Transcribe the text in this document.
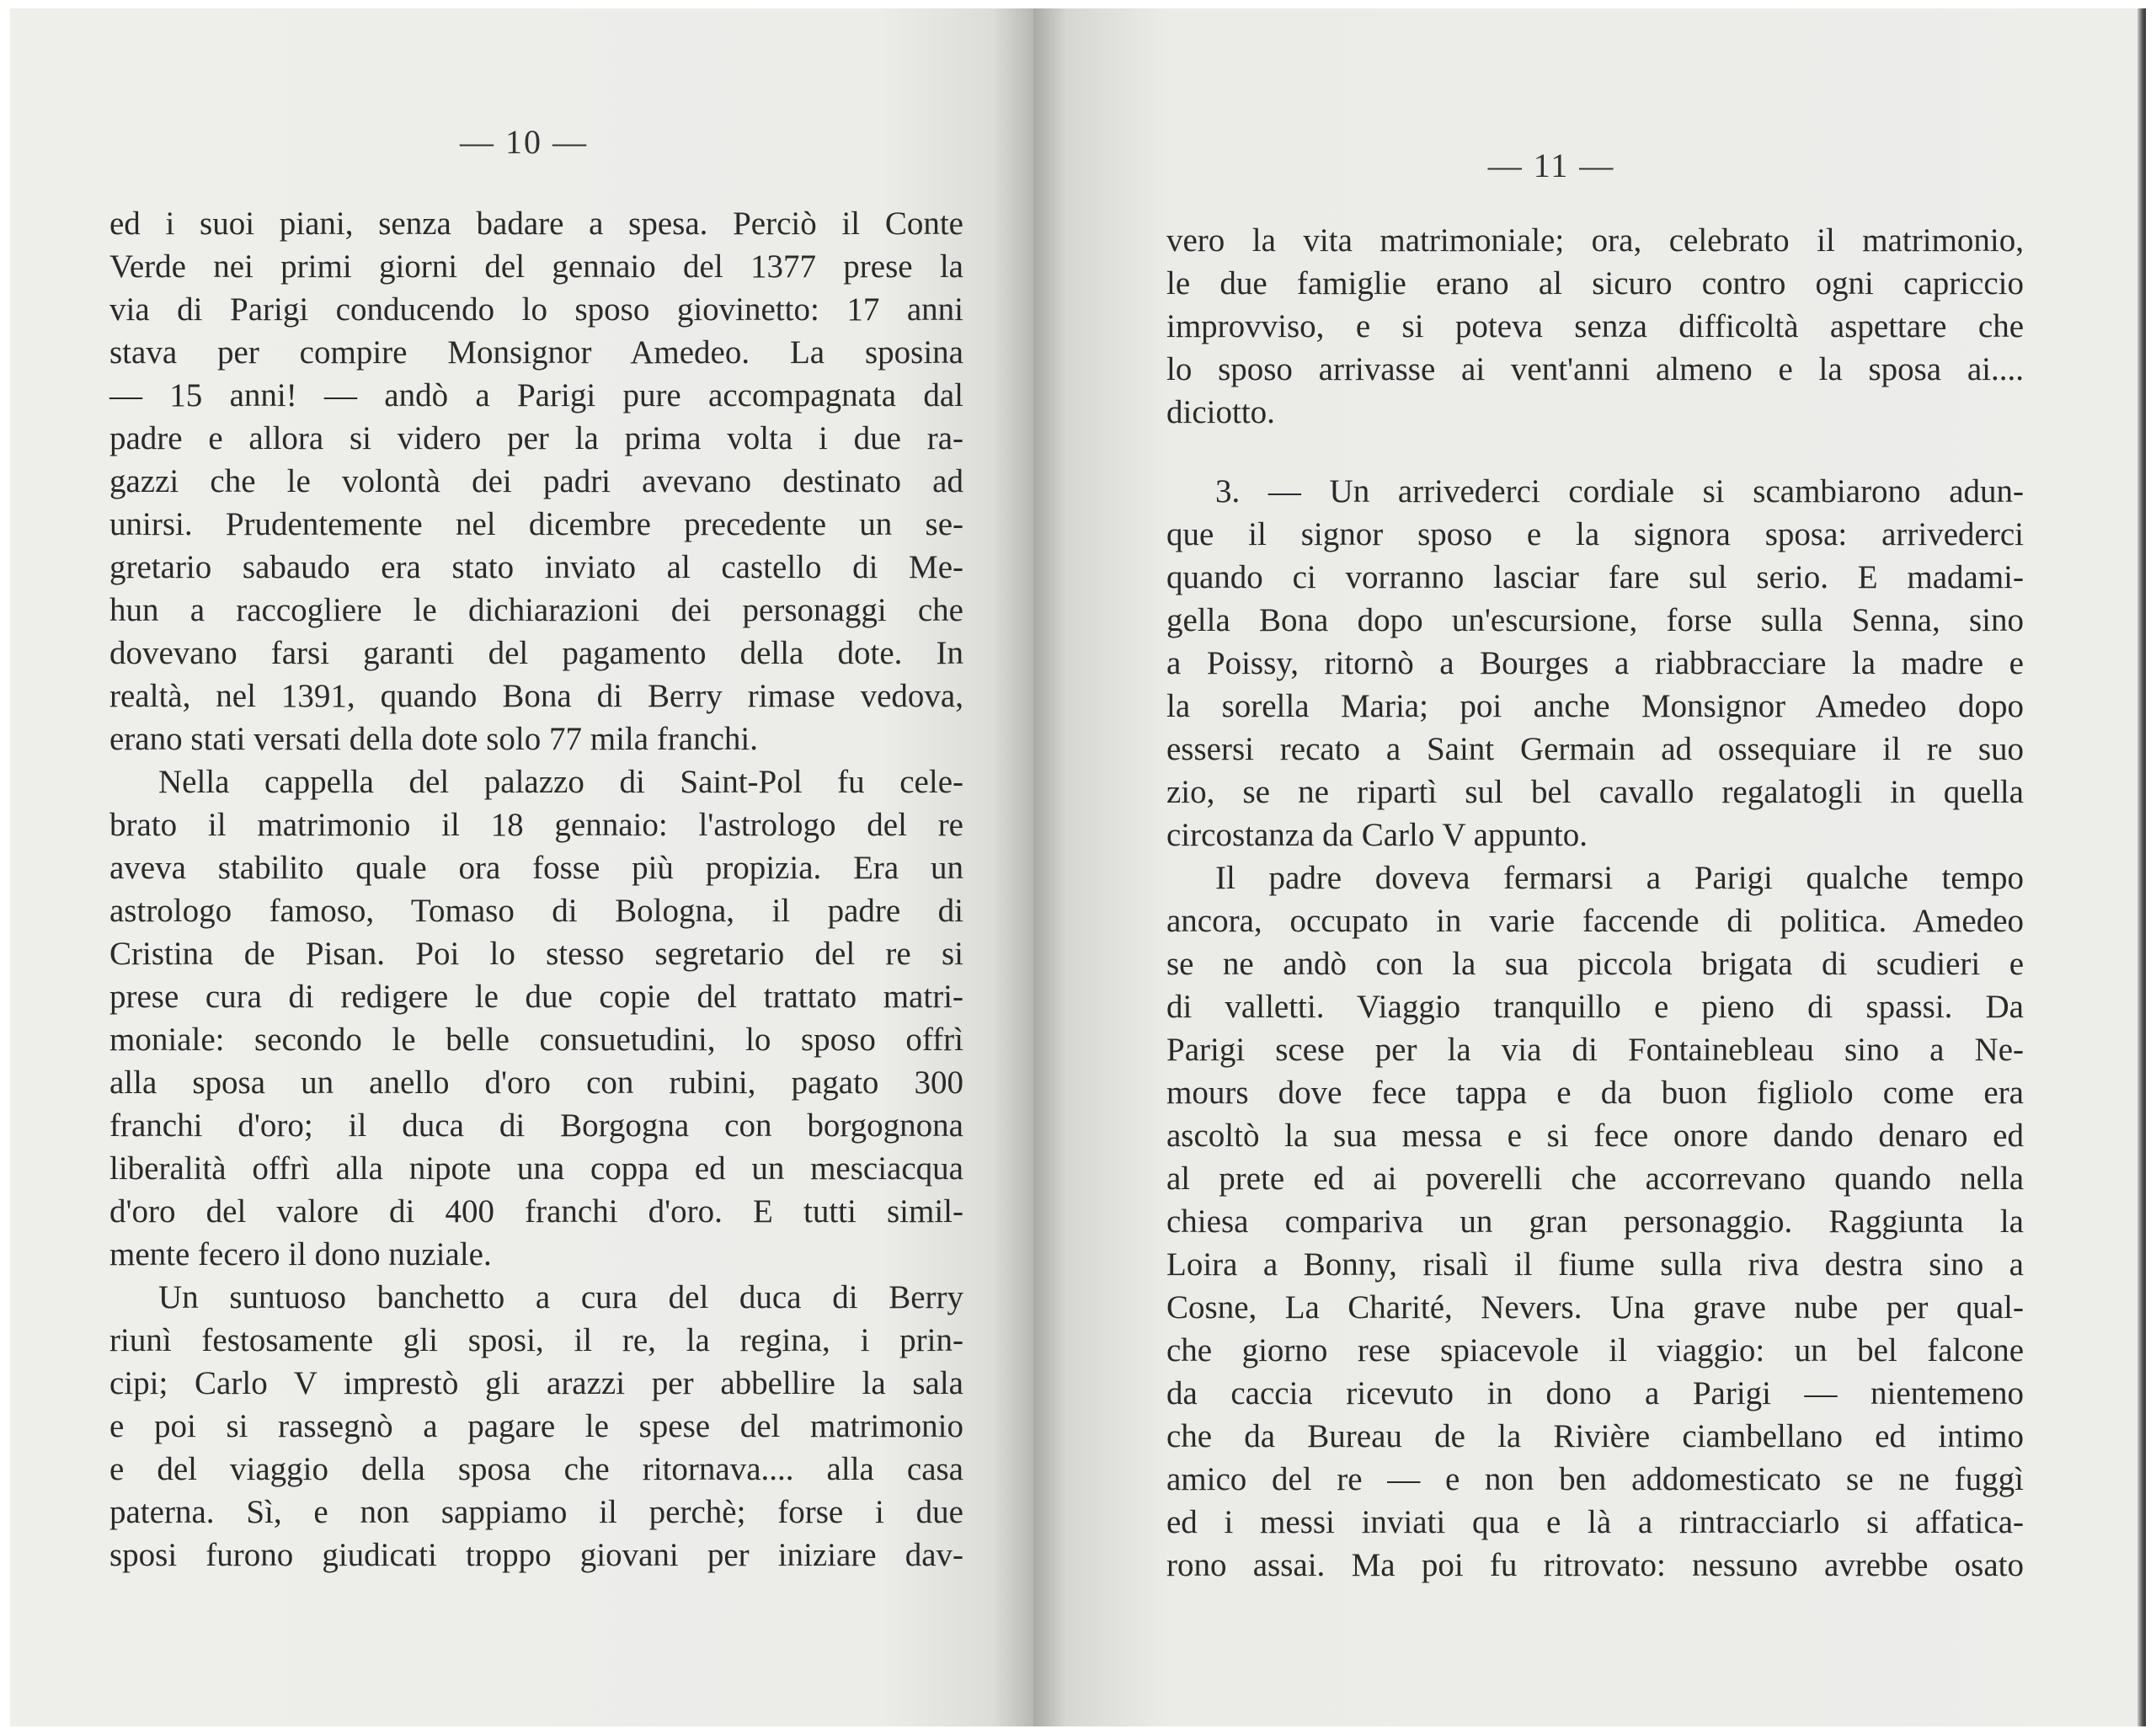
— 10 —
ed i suoi piani, senza badare a spesa. Perciò il Conte
Verde nei primi giorni del gennaio del 1377 prese la
via di Parigi conducendo lo sposo giovinetto: 17 anni
stava per compire Monsignor Amedeo. La sposina
— 15 anni! — andò a Parigi pure accompagnata dal
padre e allora si videro per la prima volta i due ra-
gazzi che le volontà dei padri avevano destinato ad
unirsi. Prudentemente nel dicembre precedente un se-
gretario sabaudo era stato inviato al castello di Me-
hun a raccogliere le dichiarazioni dei personaggi che
dovevano farsi garanti del pagamento della dote. In
realtà, nel 1391, quando Bona di Berry rimase vedova,
erano stati versati della dote solo 77 mila franchi.
Nella cappella del palazzo di Saint-Pol fu cele-
brato il matrimonio il 18 gennaio: l'astrologo del re
aveva stabilito quale ora fosse più propizia. Era un
astrologo famoso, Tomaso di Bologna, il padre di
Cristina de Pisan. Poi lo stesso segretario del re si
prese cura di redigere le due copie del trattato matri-
moniale: secondo le belle consuetudini, lo sposo offrì
alla sposa un anello d'oro con rubini, pagato 300
franchi d'oro; il duca di Borgogna con borgognona
liberalità offrì alla nipote una coppa ed un mesciacqua
d'oro del valore di 400 franchi d'oro. E tutti simil-
mente fecero il dono nuziale.
Un suntuoso banchetto a cura del duca di Berry
riunì festosamente gli sposi, il re, la regina, i prin-
cipi; Carlo V imprestò gli arazzi per abbellire la sala
e poi si rassegnò a pagare le spese del matrimonio
e del viaggio della sposa che ritornava.... alla casa
paterna. Sì, e non sappiamo il perchè; forse i due
sposi furono giudicati troppo giovani per iniziare dav-
— 11 —
vero la vita matrimoniale; ora, celebrato il matrimonio,
le due famiglie erano al sicuro contro ogni capriccio
improvviso, e si poteva senza difficoltà aspettare che
lo sposo arrivasse ai vent'anni almeno e la sposa ai....
diciotto.
3. — Un arrivederci cordiale si scambiarono adun-
que il signor sposo e la signora sposa: arrivederci
quando ci vorranno lasciar fare sul serio. E madami-
gella Bona dopo un'escursione, forse sulla Senna, sino
a Poissy, ritornò a Bourges a riabbracciare la madre e
la sorella Maria; poi anche Monsignor Amedeo dopo
essersi recato a Saint Germain ad ossequiare il re suo
zio, se ne ripartì sul bel cavallo regalatogli in quella
circostanza da Carlo V appunto.
Il padre doveva fermarsi a Parigi qualche tempo
ancora, occupato in varie faccende di politica. Amedeo
se ne andò con la sua piccola brigata di scudieri e
di valletti. Viaggio tranquillo e pieno di spassi. Da
Parigi scese per la via di Fontainebleau sino a Ne-
mours dove fece tappa e da buon figliolo come era
ascoltò la sua messa e si fece onore dando denaro ed
al prete ed ai poverelli che accorrevano quando nella
chiesa compariva un gran personaggio. Raggiunta la
Loira a Bonny, risalì il fiume sulla riva destra sino a
Cosne, La Charité, Nevers. Una grave nube per qual-
che giorno rese spiacevole il viaggio: un bel falcone
da caccia ricevuto in dono a Parigi — nientemeno
che da Bureau de la Rivière ciambellano ed intimo
amico del re — e non ben addomesticato se ne fuggì
ed i messi inviati qua e là a rintracciarlo si affatica-
rono assai. Ma poi fu ritrovato: nessuno avrebbe osato
